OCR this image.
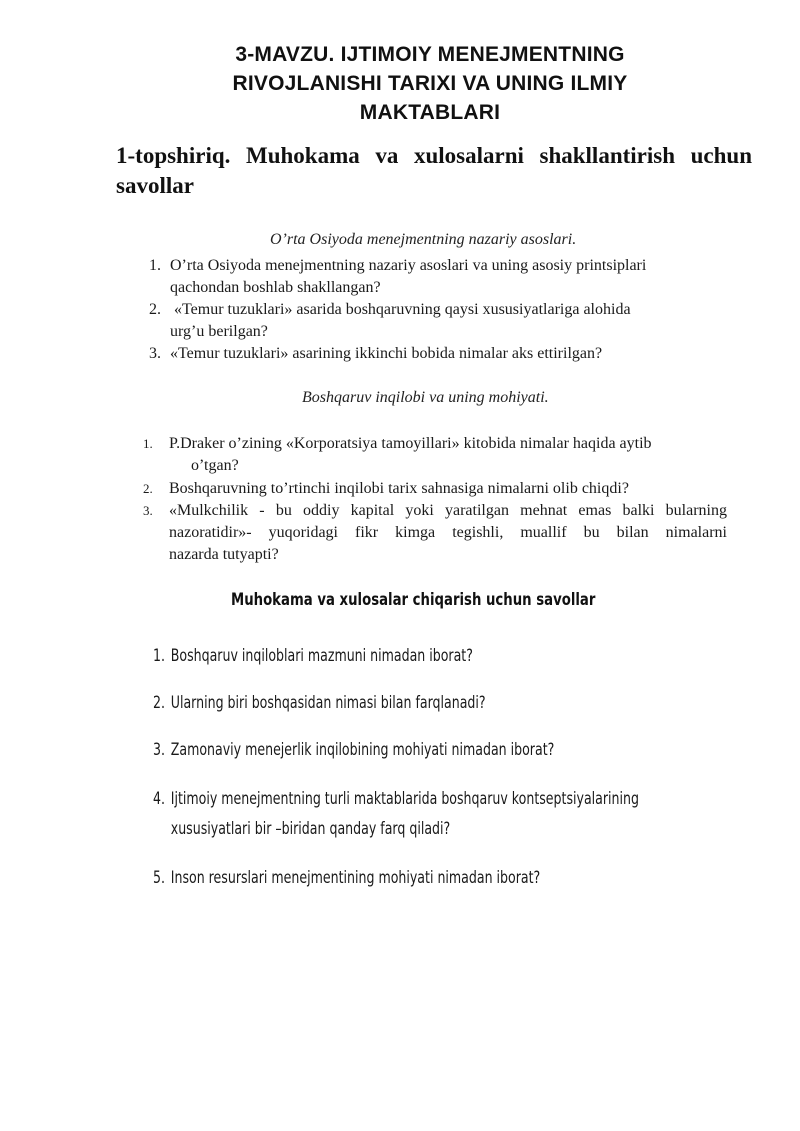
3-MAVZU. IJTIMOIY MENEJMENTNING
RIVOJLANISHI TARIXI VA UNING ILMIY
MAKTABLARI
1-topshiriq. Muhokama va xulosalarni shakllantirish uchun
savollar
O’rta Osiyoda menejmentning nazariy asoslari.
1. O’rta Osiyoda menejmentning nazariy asoslari va uning asosiy printsiplari
qachondan boshlab shakllangan?
2. «Temur tuzuklari» asarida boshqaruvning qaysi xususiyatlariga alohida
urg’u berilgan?
3. «Temur tuzuklari» asarining ikkinchi bobida nimalar aks ettirilgan?
Boshqaruv inqilobi va uning mohiyati.
1. P.Draker o’zining «Korporatsiya tamoyillari» kitobida nimalar haqida aytib
o’tgan?
2. Boshqaruvning to’rtinchi inqilobi tarix sahnasiga nimalarni olib chiqdi?
3. «Mulkchilik - bu oddiy kapital yoki yaratilgan mehnat emas balki bularning
nazoratidir»- yuqoridagi fikr kimga tegishli, muallif bu bilan nimalarni
nazarda tutyapti?
Muhokama va xulosalar chiqarish uchun savollar
1. Boshqaruv inqiloblari mazmuni nimadan iborat?
2. Ularning biri boshqasidan nimasi bilan farqlanadi?
3. Zamonaviy menejerlik inqilobining mohiyati nimadan iborat?
4. Ijtimoiy menejmentning turli maktablarida boshqaruv kontseptsiyalarining
xususiyatlari bir –biridan qanday farq qiladi?
5. Inson resurslari menejmentining mohiyati nimadan iborat?
